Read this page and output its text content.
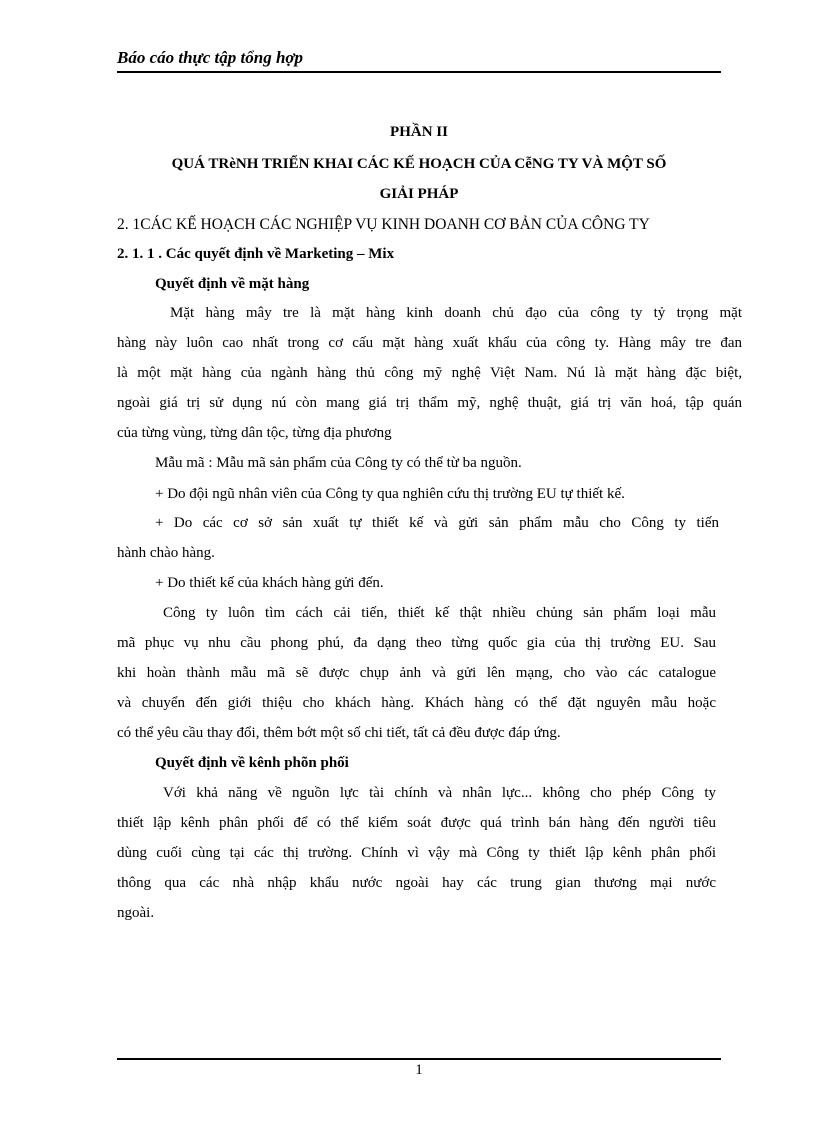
Báo cáo thực tập tổng hợp
PHẦN II
QUÁ TRèNH TRIỂN KHAI CÁC KẾ HOẠCH CỦA CễNG TY VÀ MỘT SỐ
GIẢI PHÁP
2. 1CÁC KẾ HOẠCH CÁC NGHIỆP VỤ KINH DOANH CƠ BẢN CỦA CÔNG TY
2. 1. 1 . Các quyết định về Marketing – Mix
Quyết định về mặt hàng
Mặt hàng mây tre là mặt hàng kinh doanh chủ đạo của công ty tỷ trọng mặt
hàng này luôn cao nhất trong cơ cấu mặt hàng xuất khẩu của công ty. Hàng mây tre đan
là một mặt hàng của ngành hàng thủ công mỹ nghệ Việt Nam. Nú là mặt hàng đặc biệt,
ngoài giá trị sử dụng nú còn mang giá trị thẩm mỹ, nghệ thuật, giá trị văn hoá, tập quán
của từng vùng, từng dân tộc, từng địa phương
Mẫu mã : Mẫu mã sản phẩm của Công ty có thể từ ba nguồn.
+ Do đội ngũ nhân viên của Công ty qua nghiên cứu thị trường EU tự thiết kế.
+ Do các cơ sở sản xuất tự thiết kế và gửi sản phẩm mẫu cho Công ty tiến
hành chào hàng.
+ Do thiết kế của khách hàng gửi đến.
Công ty luôn tìm cách cải tiến, thiết kế thật nhiều chủng sản phẩm loại mẫu
mã phục vụ nhu cầu phong phú, đa dạng theo từng quốc gia của thị trường EU. Sau
khi hoàn thành mẫu mã sẽ được chụp ảnh và gửi lên mạng, cho vào các catalogue
và chuyển đến giới thiệu cho khách hàng. Khách hàng có thể đặt nguyên mẫu hoặc
có thể yêu cầu thay đổi, thêm bớt một số chi tiết, tất cả đều được đáp ứng.
Quyết định về kênh phõn phối
Với khả năng về nguồn lực tài chính và nhân lực... không cho phép Công ty
thiết lập kênh phân phối để có thể kiểm soát được quá trình bán hàng đến người tiêu
dùng cuối cùng tại các thị trường. Chính vì vậy mà Công ty thiết lập kênh phân phối
thông qua các nhà nhập khẩu nước ngoài hay các trung gian thương mại nước
ngoài.
1
